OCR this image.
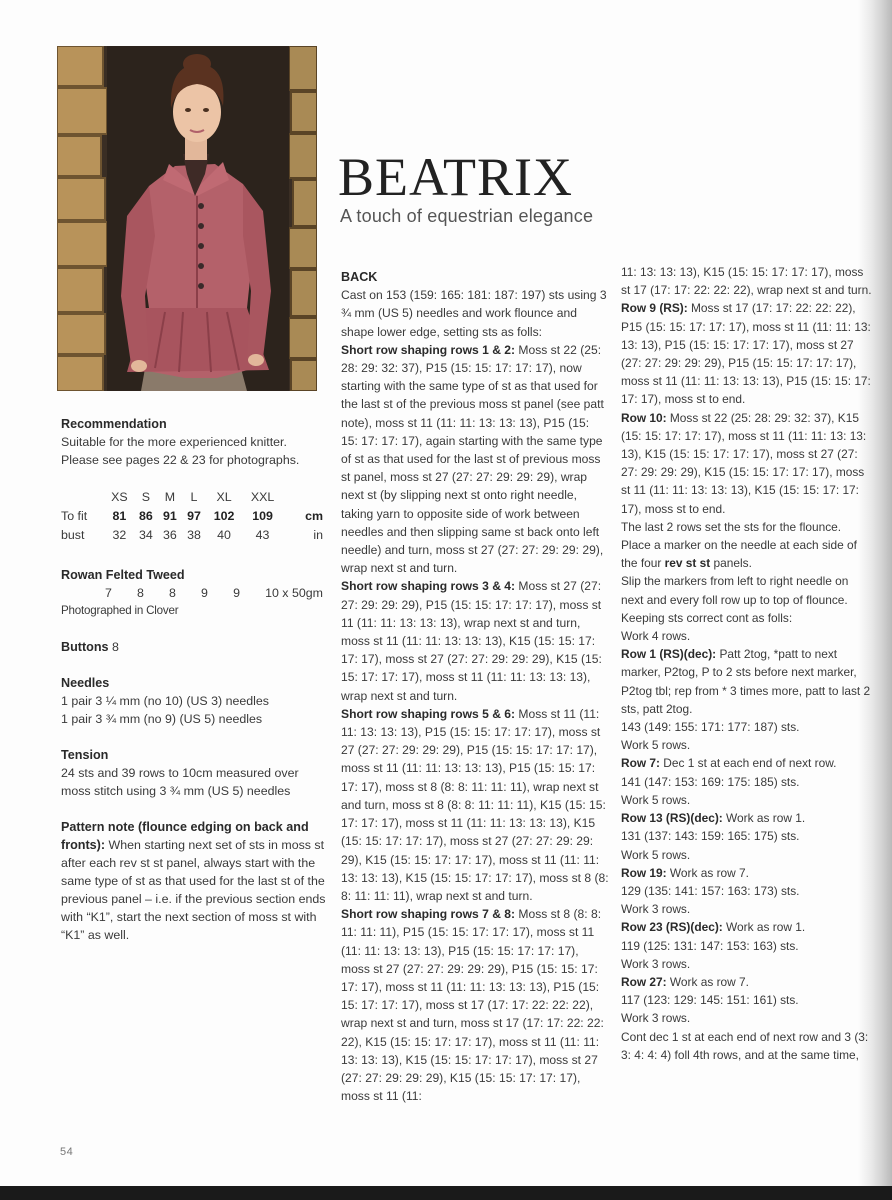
BEATRIX
A touch of equestrian elegance
Recommendation
Suitable for the more experienced knitter. Please see pages 22 & 23 for photographs.
	XS	S	M	L	XL	XXL	
To fit	81	86	91	97	102	109	cm
bust	32	34	36	38	40	43	in
Rowan Felted Tweed
7 8 8 9 9 10 x 50gm
Photographed in Clover
Buttons 8
Needles
1 pair 3 ¼ mm (no 10) (US 3) needles
1 pair 3 ¾ mm (no 9) (US 5) needles
Tension
24 sts and 39 rows to 10cm measured over moss stitch using 3 ¾ mm (US 5) needles
Pattern note (flounce edging on back and fronts): When starting next set of sts in moss st after each rev st st panel, always start with the same type of st as that used for the last st of the previous panel – i.e. if the previous section ends with “K1”, start the next section of moss st with “K1” as well.

BACK

Cast on 153 (159: 165: 181: 187: 197) sts using 3 ¾ mm (US 5) needles and work flounce and shape lower edge, setting sts as folls:

Short row shaping rows 1 & 2: Moss st 22 (25: 28: 29: 32: 37), P15 (15: 15: 17: 17: 17), now starting with the same type of st as that used for the last st of the previous moss st panel (see patt note), moss st 11 (11: 11: 13: 13: 13), P15 (15: 15: 17: 17: 17), again starting with the same type of st as that used for the last st of previous moss st panel, moss st 27 (27: 27: 29: 29: 29), wrap next st (by slipping next st onto right needle, taking yarn to opposite side of work between needles and then slipping same st back onto left needle) and turn, moss st 27 (27: 27: 29: 29: 29), wrap next st and turn.

Short row shaping rows 3 & 4: Moss st 27 (27: 27: 29: 29: 29), P15 (15: 15: 17: 17: 17), moss st 11 (11: 11: 13: 13: 13), wrap next st and turn, moss st 11 (11: 11: 13: 13: 13), K15 (15: 15: 17: 17: 17), moss st 27 (27: 27: 29: 29: 29), K15 (15: 15: 17: 17: 17), moss st 11 (11: 11: 13: 13: 13), wrap next st and turn.

Short row shaping rows 5 & 6: Moss st 11 (11: 11: 13: 13: 13), P15 (15: 15: 17: 17: 17), moss st 27 (27: 27: 29: 29: 29), P15 (15: 15: 17: 17: 17), moss st 11 (11: 11: 13: 13: 13), P15 (15: 15: 17: 17: 17), moss st 8 (8: 8: 11: 11: 11), wrap next st and turn, moss st 8 (8: 8: 11: 11: 11), K15 (15: 15: 17: 17: 17), moss st 11 (11: 11: 13: 13: 13), K15 (15: 15: 17: 17: 17), moss st 27 (27: 27: 29: 29: 29), K15 (15: 15: 17: 17: 17), moss st 11 (11: 11: 13: 13: 13), K15 (15: 15: 17: 17: 17), moss st 8 (8: 8: 11: 11: 11), wrap next st and turn.

Short row shaping rows 7 & 8: Moss st 8 (8: 8: 11: 11: 11), P15 (15: 15: 17: 17: 17), moss st 11 (11: 11: 13: 13: 13), P15 (15: 15: 17: 17: 17), moss st 27 (27: 27: 29: 29: 29), P15 (15: 15: 17: 17: 17), moss st 11 (11: 11: 13: 13: 13), P15 (15: 15: 17: 17: 17), moss st 17 (17: 17: 22: 22: 22), wrap next st and turn, moss st 17 (17: 17: 22: 22: 22), K15 (15: 15: 17: 17: 17), moss st 11 (11: 11: 13: 13: 13), K15 (15: 15: 17: 17: 17), moss st 27 (27: 27: 29: 29: 29), K15 (15: 15: 17: 17: 17), moss st 11 (11:

11: 13: 13: 13), K15 (15: 15: 17: 17: 17), moss st 17 (17: 17: 22: 22: 22), wrap next st and turn.

Row 9 (RS): Moss st 17 (17: 17: 22: 22: 22), P15 (15: 15: 17: 17: 17), moss st 11 (11: 11: 13: 13: 13), P15 (15: 15: 17: 17: 17), moss st 27 (27: 27: 29: 29: 29), P15 (15: 15: 17: 17: 17), moss st 11 (11: 11: 13: 13: 13), P15 (15: 15: 17: 17: 17), moss st to end.

Row 10: Moss st 22 (25: 28: 29: 32: 37), K15 (15: 15: 17: 17: 17), moss st 11 (11: 11: 13: 13: 13), K15 (15: 15: 17: 17: 17), moss st 27 (27: 27: 29: 29: 29), K15 (15: 15: 17: 17: 17), moss st 11 (11: 11: 13: 13: 13), K15 (15: 15: 17: 17: 17), moss st to end.

The last 2 rows set the sts for the flounce.

Place a marker on the needle at each side of the four rev st st panels.

Slip the markers from left to right needle on next and every foll row up to top of flounce.

Keeping sts correct cont as folls:

Work 4 rows.

Row 1 (RS)(dec): Patt 2tog, *patt to next marker, P2tog, P to 2 sts before next marker, P2tog tbl; rep from * 3 times more, patt to last 2 sts, patt 2tog.

143 (149: 155: 171: 177: 187) sts.

Work 5 rows.

Row 7: Dec 1 st at each end of next row.

141 (147: 153: 169: 175: 185) sts.

Work 5 rows.

Row 13 (RS)(dec): Work as row 1.

131 (137: 143: 159: 165: 175) sts.

Work 5 rows.

Row 19: Work as row 7.

129 (135: 141: 157: 163: 173) sts.

Work 3 rows.

Row 23 (RS)(dec): Work as row 1.

119 (125: 131: 147: 153: 163) sts.

Work 3 rows.

Row 27: Work as row 7.

117 (123: 129: 145: 151: 161) sts.

Work 3 rows.

Cont dec 1 st at each end of next row and 3 (3: 3: 4: 4: 4) foll 4th rows, and at the same time,

54
